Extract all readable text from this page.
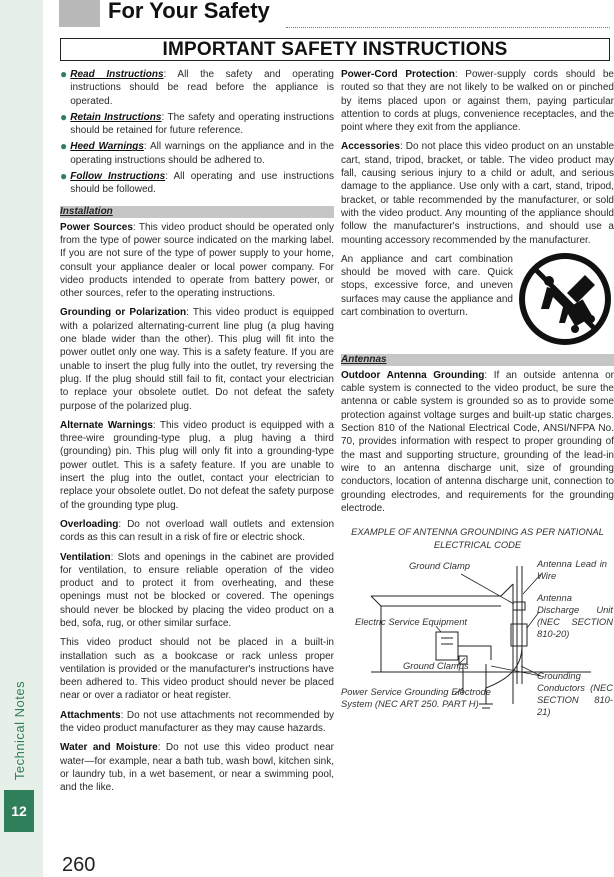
Technical Notes
12
260
For Your Safety
IMPORTANT SAFETY INSTRUCTIONS
● Read Instructions: All the safety and operating instructions should be read before the appliance is operated.
● Retain Instructions: The safety and operating instructions should be retained for future reference.
● Heed Warnings: All warnings on the appliance and in the operating instructions should be adhered to.
● Follow Instructions: All operating and use instructions should be followed.
Installation

Power Sources: This video product should be operated only from the type of power source indicated on the marking label. If you are not sure of the type of power supply to your home, consult your appliance dealer or local power company. For video products intended to operate from battery power, or other sources, refer to the operating instructions.

Grounding or Polarization: This video product is equipped with a polarized alternating-current line plug (a plug having one blade wider than the other). This plug will fit into the power outlet only one way. This is a safety feature. If you are unable to insert the plug fully into the outlet, try reversing the plug. If the plug should still fail to fit, contact your electrician to replace your obsolete outlet. Do not defeat the safety purpose of the polarized plug.

Alternate Warnings: This video product is equipped with a three-wire grounding-type plug, a plug having a third (grounding) pin. This plug will only fit into a grounding-type power outlet. This is a safety feature. If you are unable to insert the plug into the outlet, contact your electrician to replace your obsolete outlet. Do not defeat the safety purpose of the grounding type plug.

Overloading: Do not overload wall outlets and extension cords as this can result in a risk of fire or electric shock.

Ventilation: Slots and openings in the cabinet are provided for ventilation, to ensure reliable operation of the video product and to protect it from overheating, and these openings must not be blocked or covered. The openings should never be blocked by placing the video product on a bed, sofa, rug, or other similar surface.

This video product should not be placed in a built-in installation such as a bookcase or rack unless proper ventilation is provided or the manufacturer's instructions have been adhered to. This video product should never be placed near or over a radiator or heat register.

Attachments: Do not use attachments not recommended by the video product manufacturer as they may cause hazards.

Water and Moisture: Do not use this video product near water—for example, near a bath tub, wash bowl, kitchen sink, or laundry tub, in a wet basement, or near a swimming pool, and the like.

Power-Cord Protection: Power-supply cords should be routed so that they are not likely to be walked on or pinched by items placed upon or against them, paying particular attention to cords at plugs, convenience receptacles, and the point where they exit from the appliance.

Accessories: Do not place this video product on an unstable cart, stand, tripod, bracket, or table. The video product may fall, causing serious injury to a child or adult, and serious damage to the appliance. Use only with a cart, stand, tripod, bracket, or table recommended by the manufacturer, or sold with the video product. Any mounting of the appliance should follow the manufacturer's instructions, and should use a mounting accessory recommended by the manufacturer.

An appliance and cart combination should be moved with care. Quick stops, excessive force, and uneven surfaces may cause the appliance and cart combination to overturn.
Antennas

Outdoor Antenna Grounding: If an outside antenna or cable system is connected to the video product, be sure the antenna or cable system is grounded so as to provide some protection against voltage surges and built-up static charges. Section 810 of the National Electrical Code, ANSI/NFPA No. 70, provides information with respect to proper grounding of the mast and supporting structure, grounding of the lead-in wire to an antenna discharge unit, size of grounding conductors, location of antenna discharge unit, connection to grounding electrodes, and requirements for the grounding electrode.

EXAMPLE OF ANTENNA GROUNDING AS PER NATIONAL ELECTRICAL CODE
Ground Clamp	Antenna Lead in Wire
Antenna Discharge Unit (NEC SECTION 810-20)
Electric Service Equipment
Ground Clamps
Grounding Conductors (NEC SECTION 810-21)
Power Service Grounding Electrode System (NEC ART 250. PART H)
